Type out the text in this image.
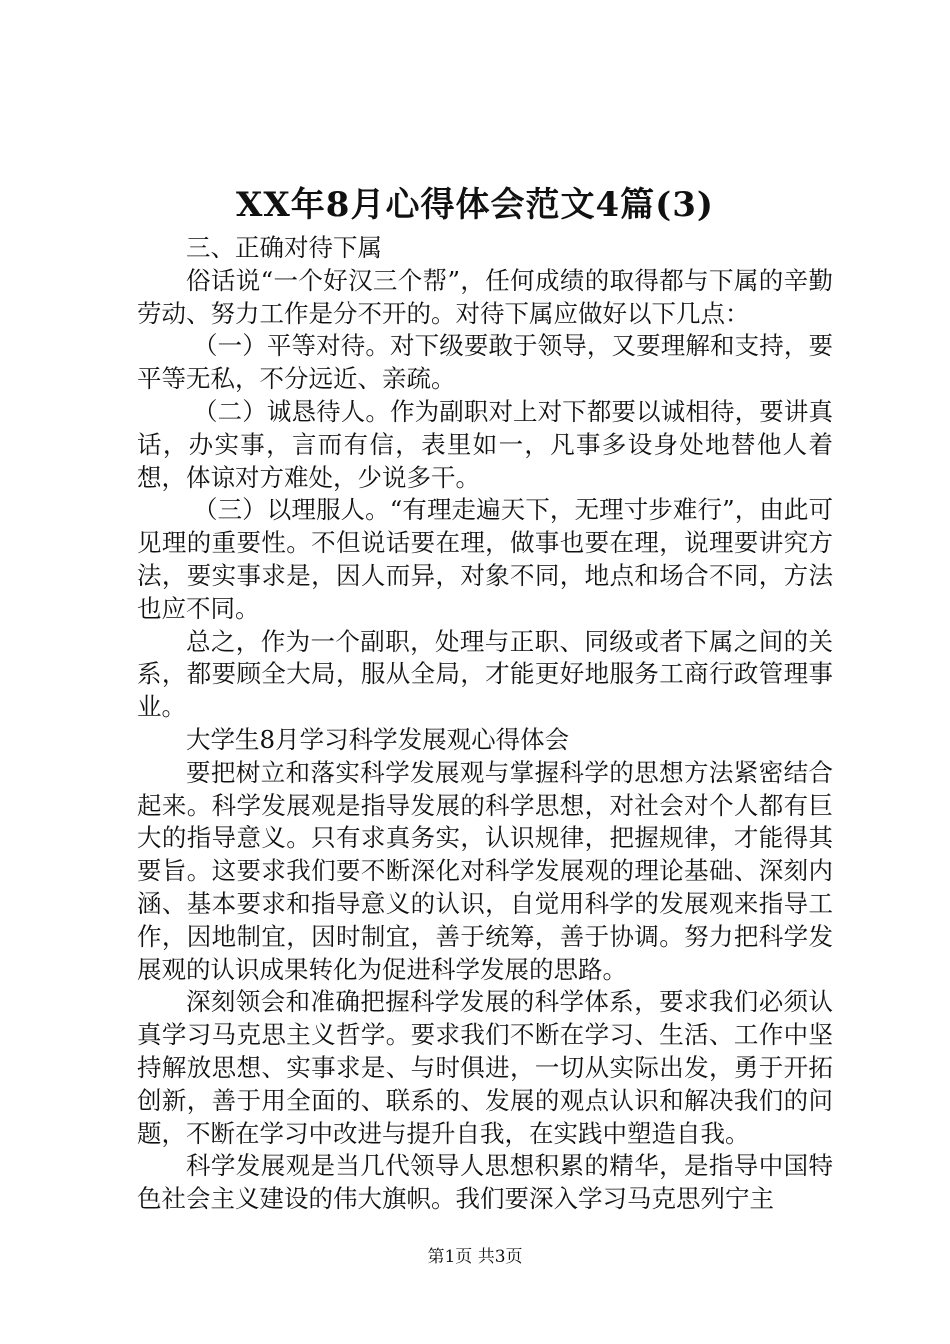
XX年8月心得体会范文4篇(3)

三、正确对待下属

俗话说“一个好汉三个帮”，任何成绩的取得都与下属的辛勤劳动、努力工作是分不开的。对待下属应做好以下几点：

（一）平等对待。对下级要敢于领导，又要理解和支持，要平等无私，不分远近、亲疏。

（二）诚恳待人。作为副职对上对下都要以诚相待，要讲真话，办实事，言而有信，表里如一，凡事多设身处地替他人着想，体谅对方难处，少说多干。

（三）以理服人。“有理走遍天下，无理寸步难行”，由此可见理的重要性。不但说话要在理，做事也要在理，说理要讲究方法，要实事求是，因人而异，对象不同，地点和场合不同，方法也应不同。

总之，作为一个副职，处理与正职、同级或者下属之间的关系，都要顾全大局，服从全局，才能更好地服务工商行政管理事业。

大学生8月学习科学发展观心得体会

要把树立和落实科学发展观与掌握科学的思想方法紧密结合起来。科学发展观是指导发展的科学思想，对社会对个人都有巨大的指导意义。只有求真务实，认识规律，把握规律，才能得其要旨。这要求我们要不断深化对科学发展观的理论基础、深刻内涵、基本要求和指导意义的认识，自觉用科学的发展观来指导工作，因地制宜，因时制宜，善于统筹，善于协调。努力把科学发展观的认识成果转化为促进科学发展的思路。

深刻领会和准确把握科学发展的科学体系，要求我们必须认真学习马克思主义哲学。要求我们不断在学习、生活、工作中坚持解放思想、实事求是、与时俱进，一切从实际出发，勇于开拓创新，善于用全面的、联系的、发展的观点认识和解决我们的问题，不断在学习中改进与提升自我，在实践中塑造自我。

科学发展观是当几代领导人思想积累的精华，是指导中国特色社会主义建设的伟大旗帜。我们要深入学习马克思列宁主

第1页 共3页
